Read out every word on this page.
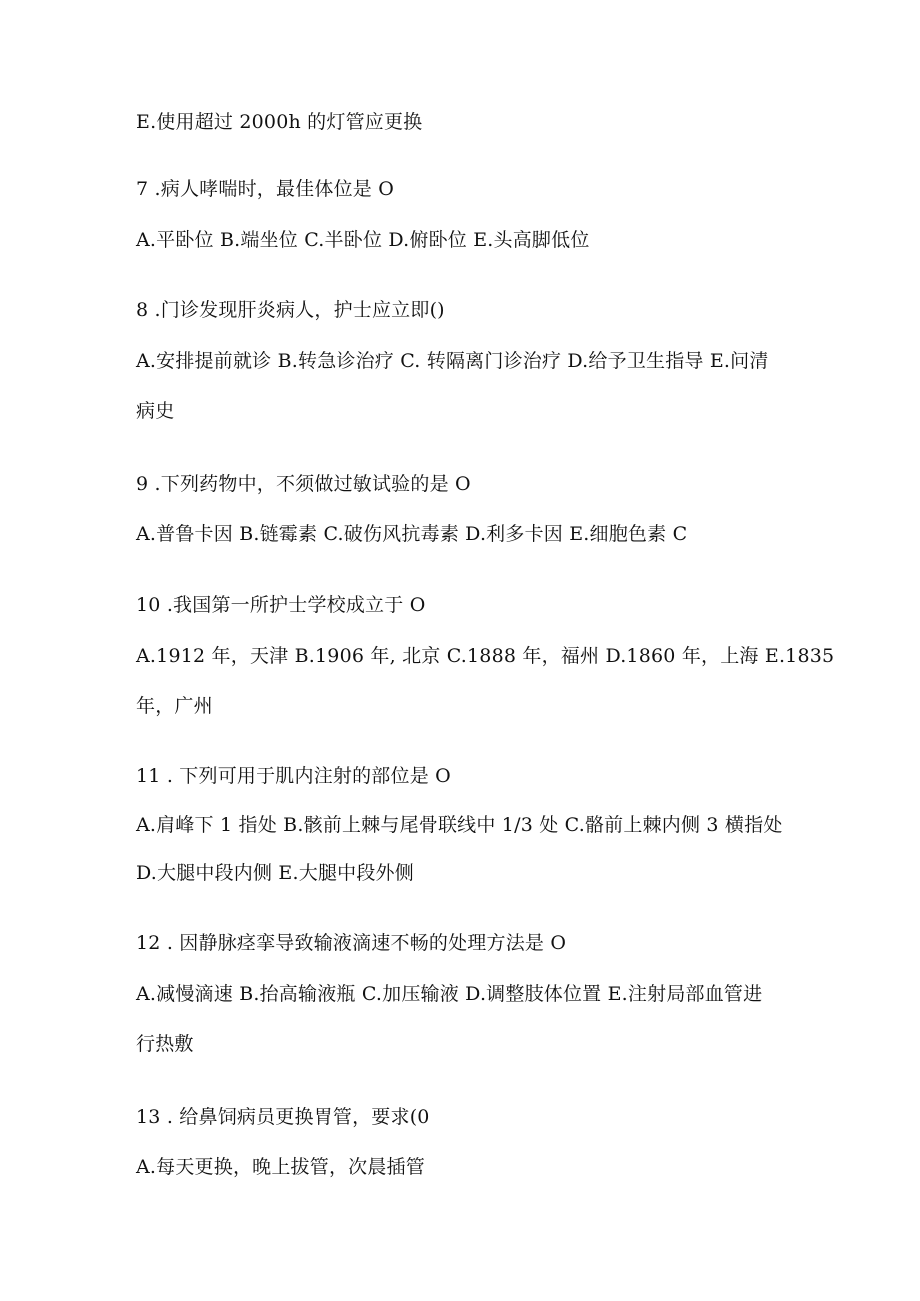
E.使用超过 2000h 的灯管应更换
7 .病人哮喘时，最佳体位是 O
A.平卧位 B.端坐位 C.半卧位 D.俯卧位 E.头高脚低位
8 .门诊发现肝炎病人，护士应立即()
A.安排提前就诊 B.转急诊治疗 C. 转隔离门诊治疗 D.给予卫生指导 E.问清
病史
9 .下列药物中，不须做过敏试验的是 O
A.普鲁卡因 B.链霉素 C.破伤风抗毒素 D.利多卡因 E.细胞色素 C
10 .我国第一所护士学校成立于 O
A.1912 年，天津 B.1906 年, 北京 C.1888 年，福州 D.1860 年，上海 E.1835
年，广州
11 . 下列可用于肌内注射的部位是 O
A.肩峰下 1 指处 B.骸前上棘与尾骨联线中 1/3 处 C.骼前上棘内侧 3 横指处
D.大腿中段内侧 E.大腿中段外侧
12 . 因静脉痉挛导致输液滴速不畅的处理方法是 O
A.减慢滴速 B.抬高输液瓶 C.加压输液 D.调整肢体位置 E.注射局部血管进
行热敷
13 . 给鼻饲病员更换胃管，要求(0
A.每天更换，晚上拔管，次晨插管
